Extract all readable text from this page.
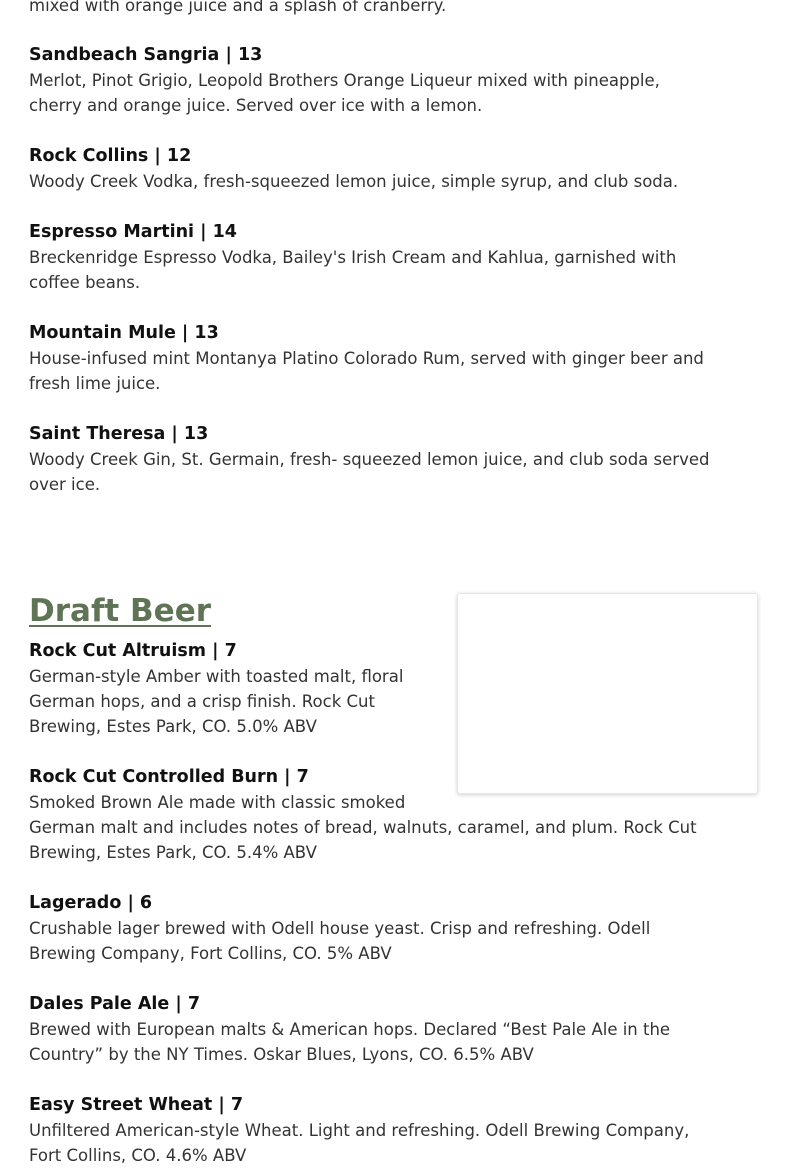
mixed with orange juice and a splash of cranberry.

Sandbeach Sangria | 13

Merlot, Pinot Grigio, Leopold Brothers Orange Liqueur mixed with pineapple,

cherry and orange juice. Served over ice with a lemon.

Rock Collins | 12

Woody Creek Vodka, fresh-squeezed lemon juice, simple syrup, and club soda.

Espresso Martini | 14

Breckenridge Espresso Vodka, Bailey's Irish Cream and Kahlua, garnished with

coffee beans.

Mountain Mule | 13

House-infused mint Montanya Platino Colorado Rum, served with ginger beer and

fresh lime juice.

Saint Theresa | 13

Woody Creek Gin, St. Germain, fresh- squeezed lemon juice, and club soda served

over ice.

Draft Beer

Rock Cut Altruism | 7

German-style Amber with toasted malt, floral

German hops, and a crisp finish. Rock Cut

Brewing, Estes Park, CO. 5.0% ABV

Rock Cut Controlled Burn | 7

Smoked Brown Ale made with classic smoked

German malt and includes notes of bread, walnuts, caramel, and plum. Rock Cut

Brewing, Estes Park, CO. 5.4% ABV

Lagerado | 6

Crushable lager brewed with Odell house yeast. Crisp and refreshing. Odell

Brewing Company, Fort Collins, CO. 5% ABV

Dales Pale Ale | 7

Brewed with European malts & American hops. Declared “Best Pale Ale in the

Country” by the NY Times. Oskar Blues, Lyons, CO. 6.5% ABV

Easy Street Wheat | 7

Unfiltered American-style Wheat. Light and refreshing. Odell Brewing Company,

Fort Collins, CO. 4.6% ABV
